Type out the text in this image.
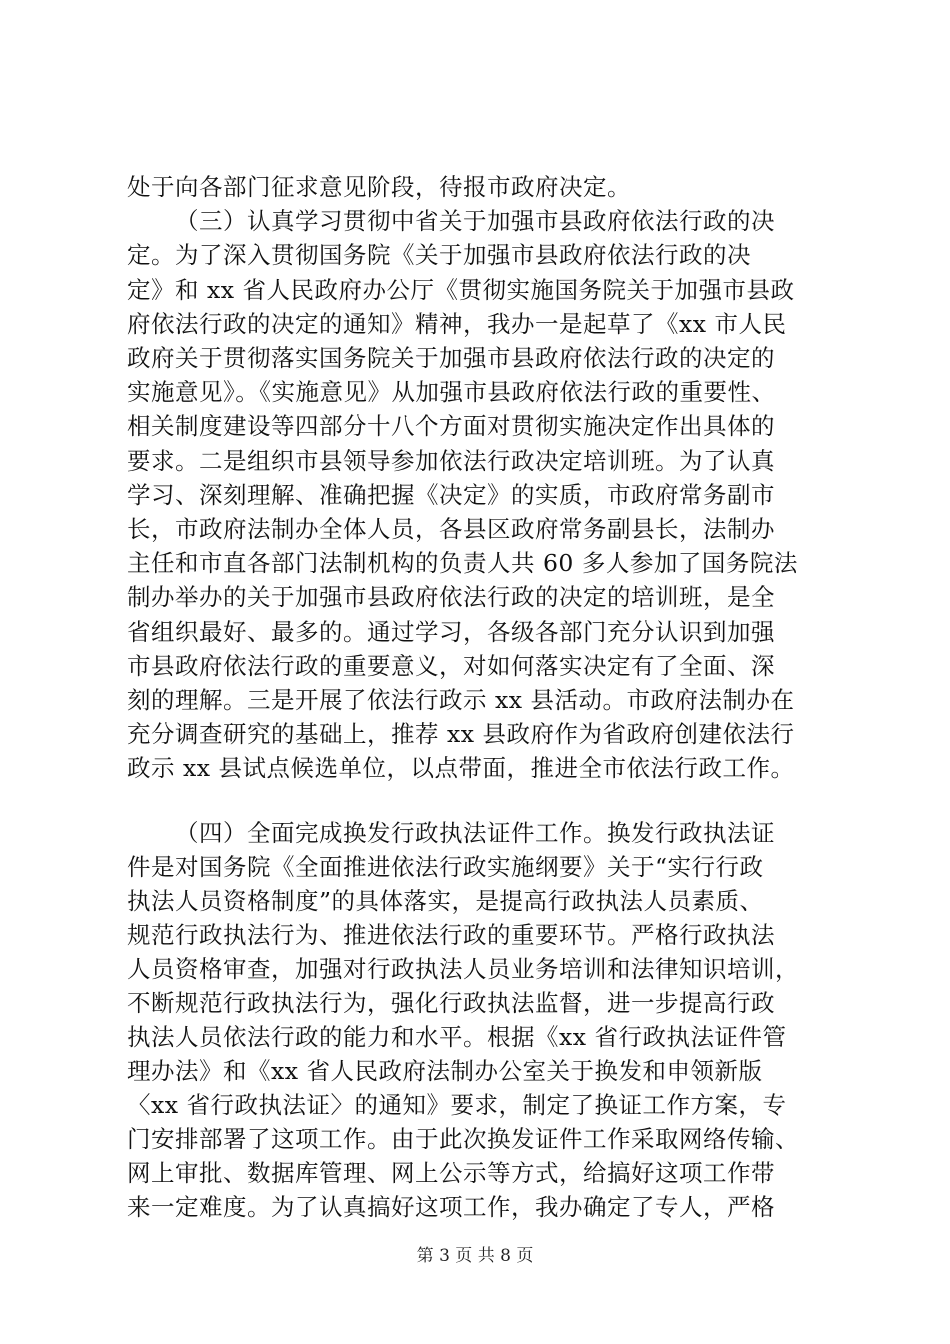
处于向各部门征求意见阶段，待报市政府决定。
（三）认真学习贯彻中省关于加强市县政府依法行政的决
定。为了深入贯彻国务院《关于加强市县政府依法行政的决
定》和 xx 省人民政府办公厅《贯彻实施国务院关于加强市县政
府依法行政的决定的通知》精神，我办一是起草了《xx 市人民
政府关于贯彻落实国务院关于加强市县政府依法行政的决定的
实施意见》。《实施意见》从加强市县政府依法行政的重要性、
相关制度建设等四部分十八个方面对贯彻实施决定作出具体的
要求。二是组织市县领导参加依法行政决定培训班。为了认真
学习、深刻理解、准确把握《决定》的实质，市政府常务副市
长，市政府法制办全体人员，各县区政府常务副县长，法制办
主任和市直各部门法制机构的负责人共 60 多人参加了国务院法
制办举办的关于加强市县政府依法行政的决定的培训班，是全
省组织最好、最多的。通过学习，各级各部门充分认识到加强
市县政府依法行政的重要意义，对如何落实决定有了全面、深
刻的理解。三是开展了依法行政示 xx 县活动。市政府法制办在
充分调查研究的基础上，推荐 xx 县政府作为省政府创建依法行
政示 xx 县试点候选单位，以点带面，推进全市依法行政工作。
（四）全面完成换发行政执法证件工作。换发行政执法证
件是对国务院《全面推进依法行政实施纲要》关于“实行行政
执法人员资格制度”的具体落实，是提高行政执法人员素质、
规范行政执法行为、推进依法行政的重要环节。严格行政执法
人员资格审查，加强对行政执法人员业务培训和法律知识培训，
不断规范行政执法行为，强化行政执法监督，进一步提高行政
执法人员依法行政的能力和水平。根据《xx 省行政执法证件管
理办法》和《xx 省人民政府法制办公室关于换发和申领新版
〈xx 省行政执法证〉的通知》要求，制定了换证工作方案，专
门安排部署了这项工作。由于此次换发证件工作采取网络传输、
网上审批、数据库管理、网上公示等方式，给搞好这项工作带
来一定难度。为了认真搞好这项工作，我办确定了专人，严格
第 3 页 共 8 页
